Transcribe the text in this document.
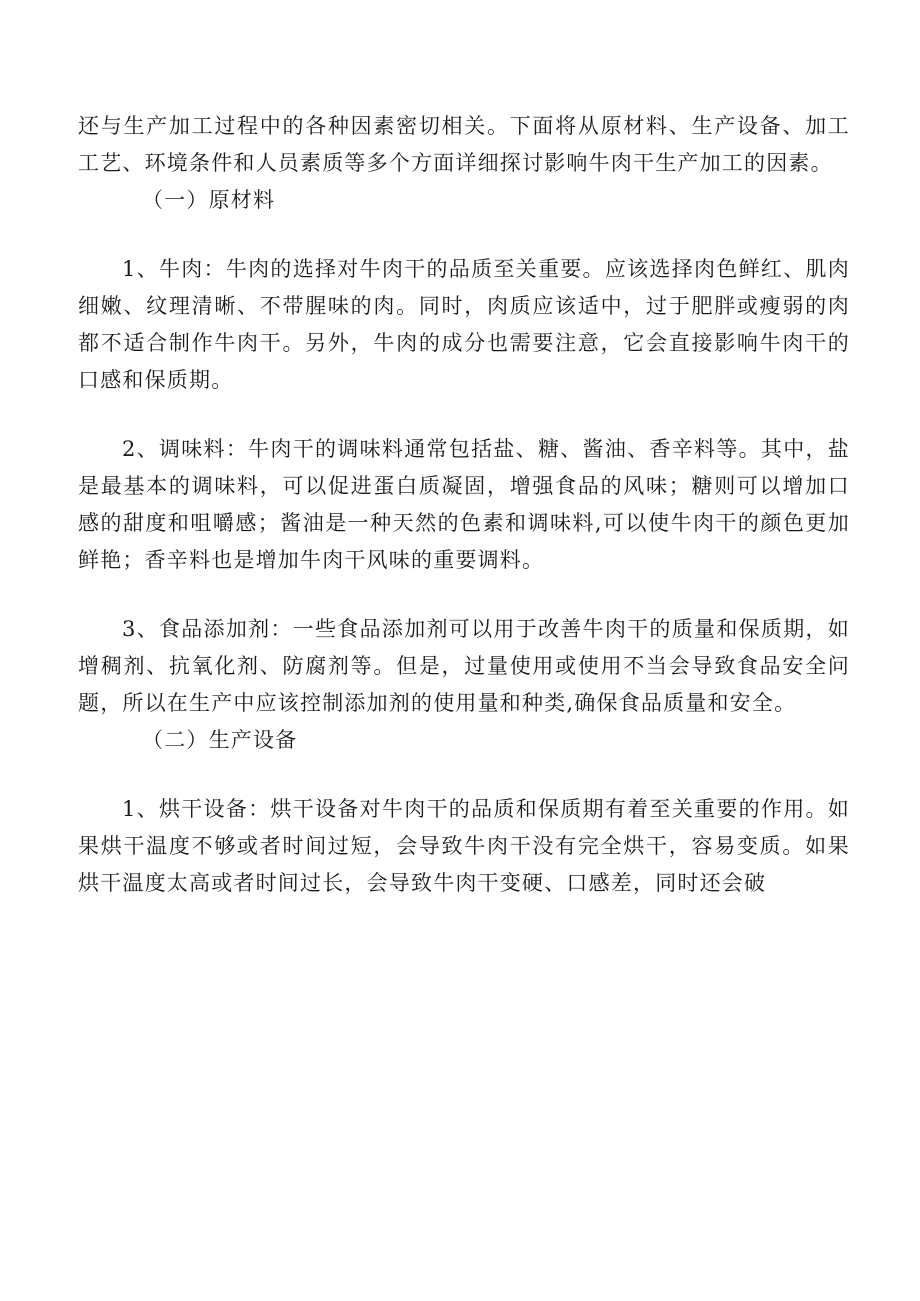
还与生产加工过程中的各种因素密切相关。下面将从原材料、生产设备、加工工艺、环境条件和人员素质等多个方面详细探讨影响牛肉干生产加工的因素。

（一）原材料

1、牛肉：牛肉的选择对牛肉干的品质至关重要。应该选择肉色鲜红、肌肉细嫩、纹理清晰、不带腥味的肉。同时，肉质应该适中，过于肥胖或瘦弱的肉都不适合制作牛肉干。另外，牛肉的成分也需要注意，它会直接影响牛肉干的口感和保质期。

2、调味料：牛肉干的调味料通常包括盐、糖、酱油、香辛料等。其中，盐是最基本的调味料，可以促进蛋白质凝固，增强食品的风味；糖则可以增加口感的甜度和咀嚼感；酱油是一种天然的色素和调味料,可以使牛肉干的颜色更加鲜艳；香辛料也是增加牛肉干风味的重要调料。

3、食品添加剂：一些食品添加剂可以用于改善牛肉干的质量和保质期，如增稠剂、抗氧化剂、防腐剂等。但是，过量使用或使用不当会导致食品安全问题，所以在生产中应该控制添加剂的使用量和种类,确保食品质量和安全。

（二）生产设备

1、烘干设备：烘干设备对牛肉干的品质和保质期有着至关重要的作用。如果烘干温度不够或者时间过短，会导致牛肉干没有完全烘干，容易变质。如果烘干温度太高或者时间过长，会导致牛肉干变硬、口感差，同时还会破
